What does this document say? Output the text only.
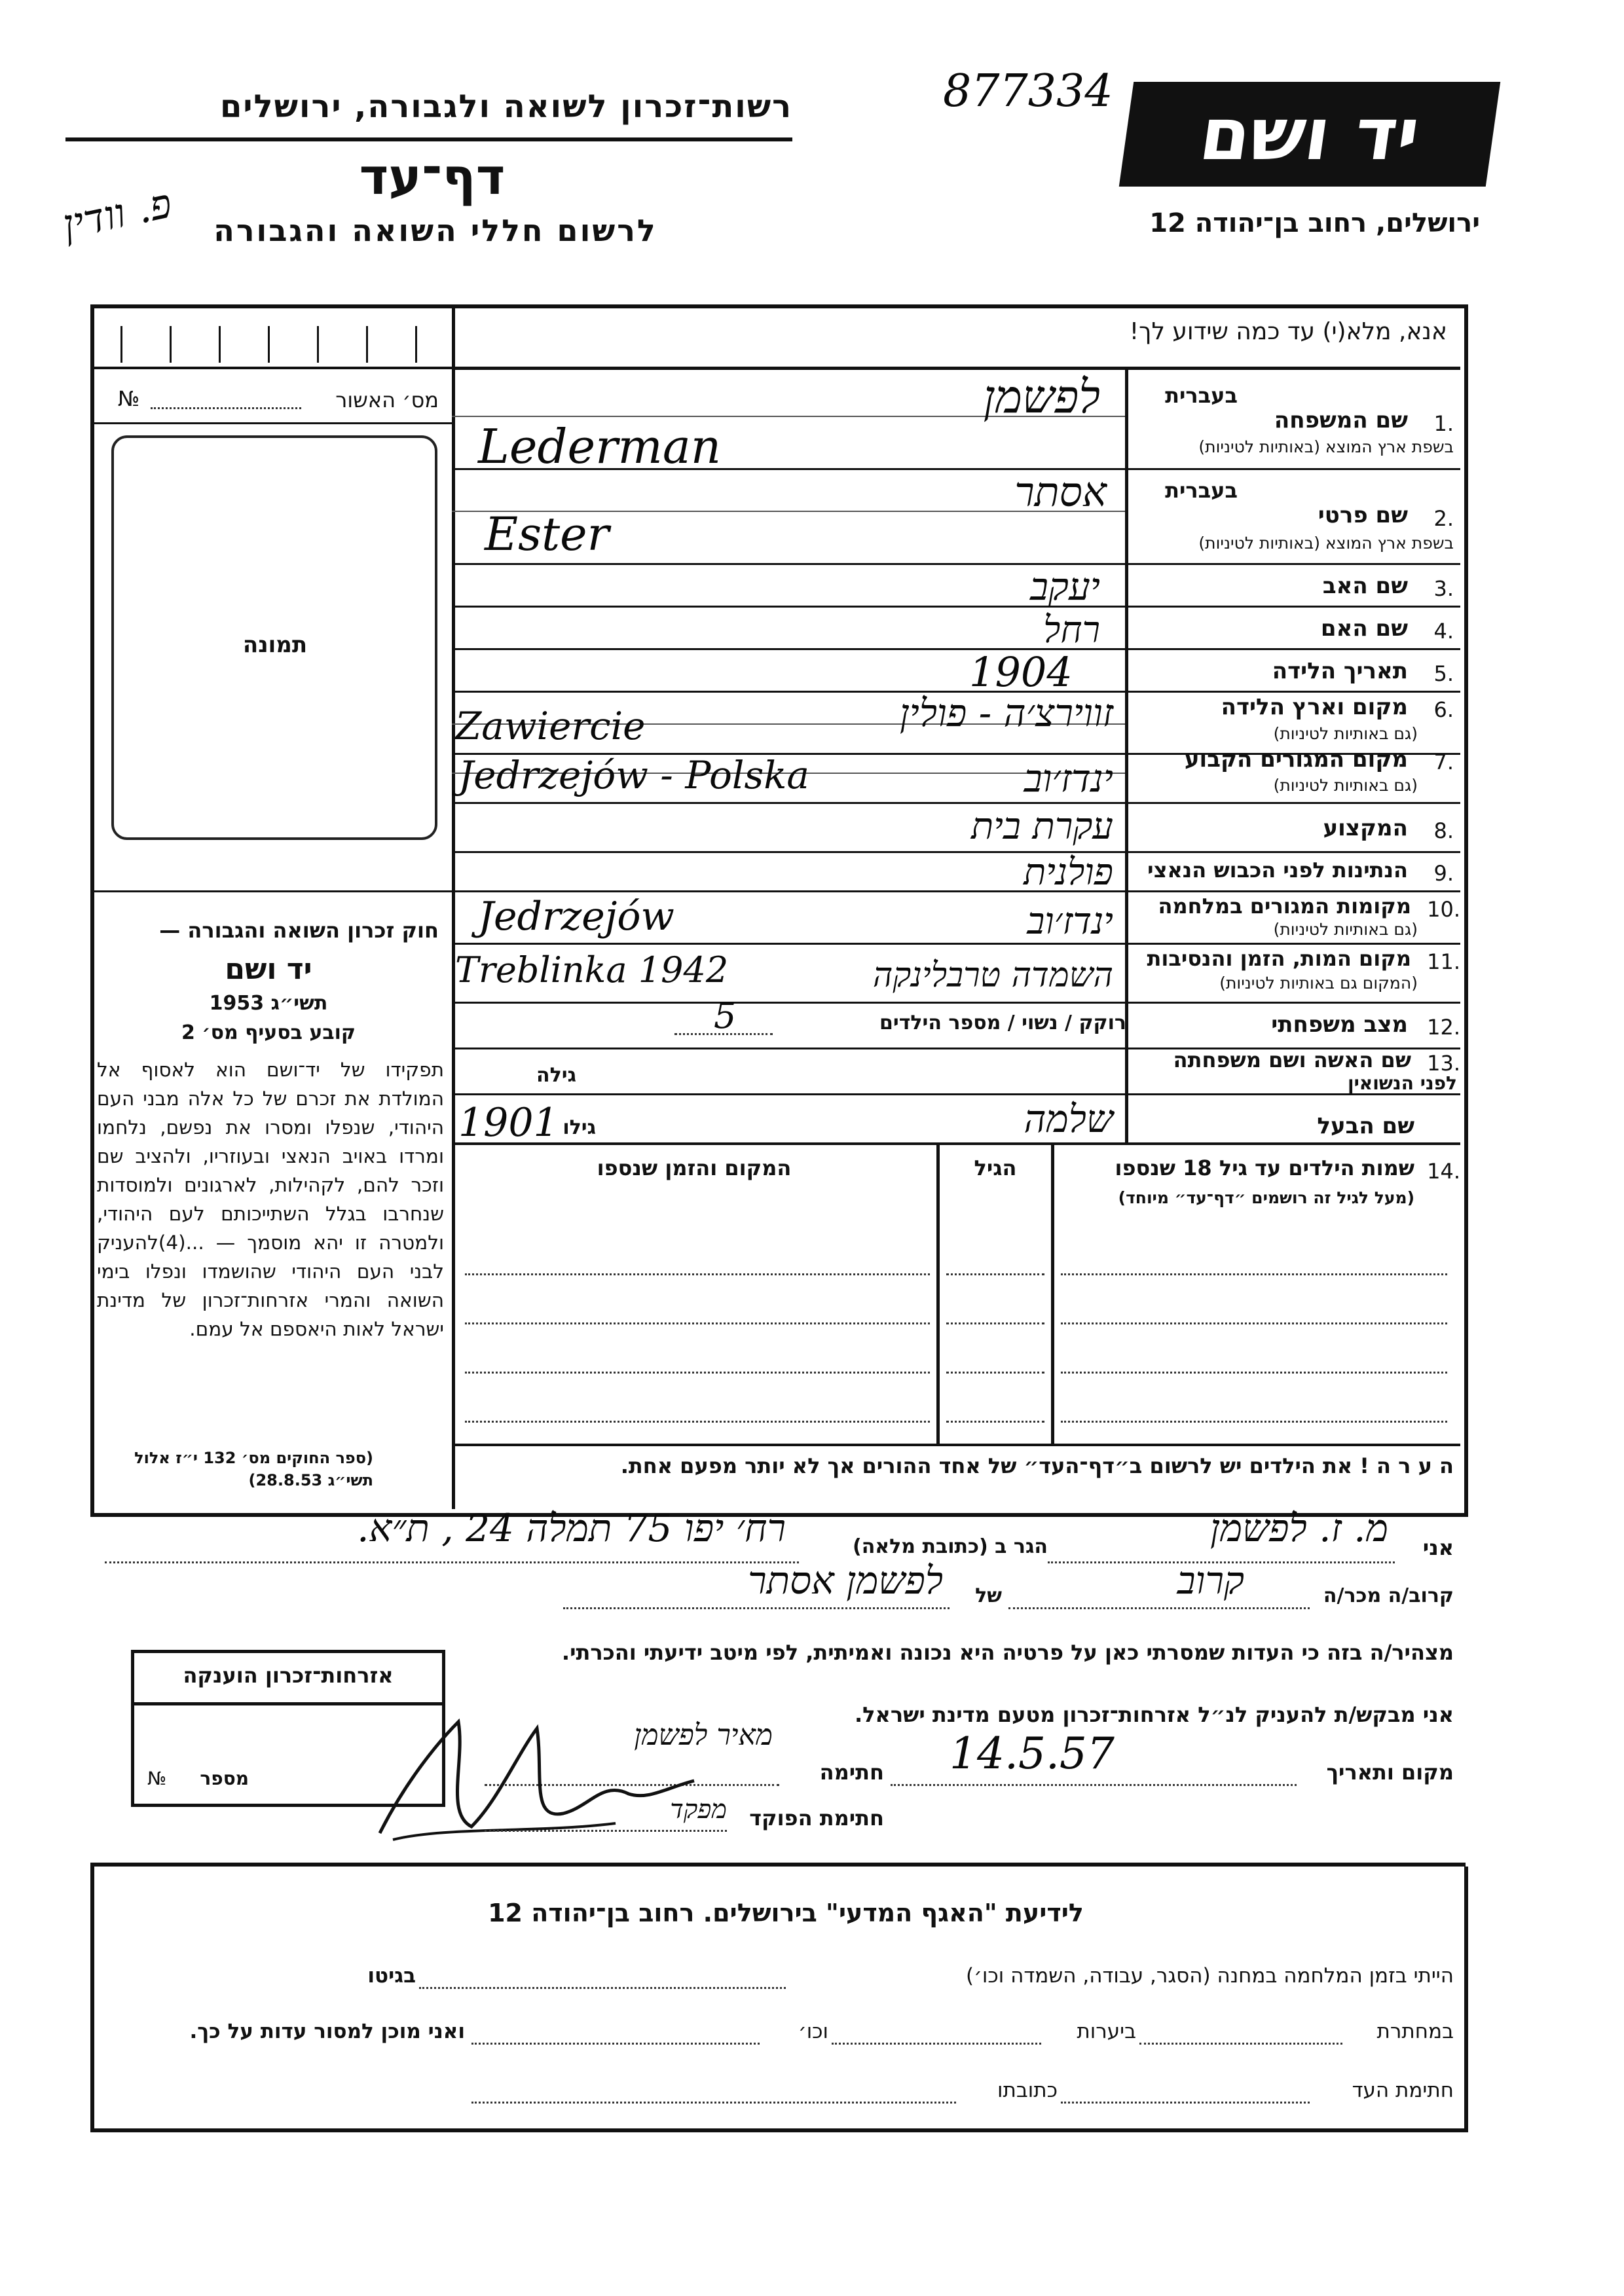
רשות־זכרון לשואה ולגבורה, ירושלים
דף־עד
לרשום חללי השואה והגבורה
פ. וודין
877334
יד ושם
ירושלים, רחוב בן־יהודה 12
אנא, מלא(י) עד כמה שידוע לך!
מס׳ האשור
№
תמונה
חוק זכרון השואה והגבורה —
יד ושם
תשי״ג 1953
קובע בסעיף מס׳ 2
תפקידו של יד־ושם הוא לאסוף אל המולדת את זכרם של כל אלה מבני העם היהודי, שנפלו ומסרו את נפשם, נלחמו ומרדו באויב הנאצי ובעוזריו, ולהציב שם וזכר להם, לקהילות, לארגונים ולמוסדות שנחרבו בגלל השתייכותם לעם היהודי, ולמטרה זו יהא מוסמך — ...(4)להעניק לבני העם היהודי שהושמדו ונפלו בימי השואה והמרי אזרחות־זכרון של מדינת ישראל לאות היאספם אל עמם.
(ספר החוקים מס׳ 132 י״ז אלול תשי״ג 28.8.53)
1.
שם המשפחה
בעברית
בשפת ארץ המוצא (באותיות לטיניות)
לפשמן
Lederman
2.
שם פרטי
בעברית
בשפת ארץ המוצא (באותיות לטיניות)
אסתר
Ester
3.
שם האב
יעקב
4.
שם האם
רחל
5.
תאריך הלידה
1904
6.
מקום וארץ הלידה
(גם באותיות לטיניות)
זווירצ׳ה - פולין
Zawiercie
7.
מקום המגורים הקבוע
(גם באותיות לטיניות)
ינדז׳וב
Jedrzejów - Polska
8.
המקצוע
עקרת בית
9.
הנתינות לפני הכבוש הנאצי
פולנית
10.
מקומות המגורים במלחמה
(גם באותיות לטיניות)
ינדז׳וב
Jedrzejów
11.
מקום המות, הזמן והנסיבות
(המקום גם באותיות לטיניות)
השמדה טרבלינקה
Treblinka 1942
12.
מצב משפחתי
רוקק / נשוי / מספר הילדים
5
13.
שם האשה ושם משפחתה
לפני הנשואין
גילה
שם הבעל
שלמה
גילו
1901
14.
שמות הילדים עד גיל 18 שנספו
(מעל לגיל זה רושמים ״דף־עד״ מיוחד)
הגיל
המקום והזמן שנספו
ה ע ר ה ! את הילדים יש לרשום ב״דף־העד״ של אחד ההורים אך לא יותר מפעם אחת.
אני
מ. ז. לפשמן
הגר ב (כתובת מלאה)
רח׳ יפו 75 תמלה 24 , ת״א.
קרוב/ה מכר/ה
קרוב
של
לפשמן אסתר
מצהיר/ה בזה כי העדות שמסרתי כאן על פרטיה היא נכונה ואמיתית, לפי מיטב ידיעתי והכרתי.
אני מבקש/ת להעניק לנ״ל אזרחות־זכרון מטעם מדינת ישראל.
מקום ותאריך
14.5.57
חתימה
מאיר לפשמן
חתימת הפוקד
מפקד
אזרחות־זכרון הוענקה
מספר
№
לידיעת "האגף המדעי" בירושלים. רחוב בן־יהודה 12
הייתי בזמן המלחמה במחנה (הסגר, עבודה, השמדה וכו׳)
בגיטו
במחתרת
ביערות
וכו׳
ואני מוכן למסור עדות על כך.
חתימת העד
כתובתו
